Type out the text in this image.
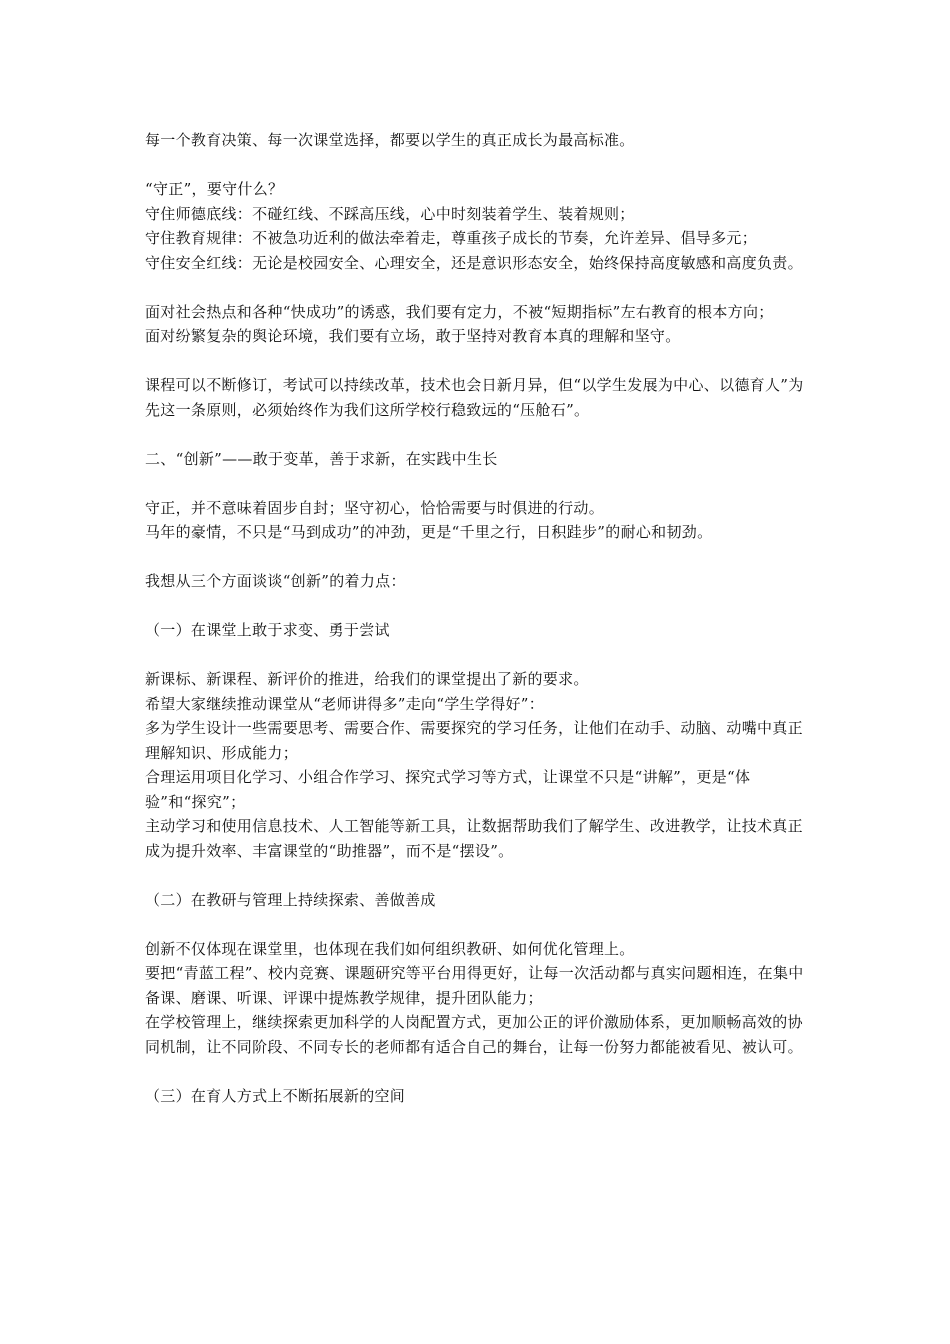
每一个教育决策、每一次课堂选择，都要以学生的真正成长为最高标准。

“守正”，要守什么？

守住师德底线：不碰红线、不踩高压线，心中时刻装着学生、装着规则；

守住教育规律：不被急功近利的做法牵着走，尊重孩子成长的节奏，允许差异、倡导多元；

守住安全红线：无论是校园安全、心理安全，还是意识形态安全，始终保持高度敏感和高度负责。

面对社会热点和各种“快成功”的诱惑，我们要有定力，不被“短期指标”左右教育的根本方向；

面对纷繁复杂的舆论环境，我们要有立场，敢于坚持对教育本真的理解和坚守。

课程可以不断修订，考试可以持续改革，技术也会日新月异，但“以学生发展为中心、以德育人”为先这一条原则，必须始终作为我们这所学校行稳致远的“压舱石”。

二、“创新”——敢于变革，善于求新，在实践中生长

守正，并不意味着固步自封；坚守初心，恰恰需要与时俱进的行动。

马年的豪情，不只是“马到成功”的冲劲，更是“千里之行，日积跬步”的耐心和韧劲。

我想从三个方面谈谈“创新”的着力点：

（一）在课堂上敢于求变、勇于尝试

新课标、新课程、新评价的推进，给我们的课堂提出了新的要求。

希望大家继续推动课堂从“老师讲得多”走向“学生学得好”：

多为学生设计一些需要思考、需要合作、需要探究的学习任务，让他们在动手、动脑、动嘴中真正理解知识、形成能力；

合理运用项目化学习、小组合作学习、探究式学习等方式，让课堂不只是“讲解”，更是“体验”和“探究”；

主动学习和使用信息技术、人工智能等新工具，让数据帮助我们了解学生、改进教学，让技术真正成为提升效率、丰富课堂的“助推器”，而不是“摆设”。

（二）在教研与管理上持续探索、善做善成

创新不仅体现在课堂里，也体现在我们如何组织教研、如何优化管理上。

要把“青蓝工程”、校内竞赛、课题研究等平台用得更好，让每一次活动都与真实问题相连，在集中备课、磨课、听课、评课中提炼教学规律，提升团队能力；

在学校管理上，继续探索更加科学的人岗配置方式，更加公正的评价激励体系，更加顺畅高效的协同机制，让不同阶段、不同专长的老师都有适合自己的舞台，让每一份努力都能被看见、被认可。

（三）在育人方式上不断拓展新的空间
